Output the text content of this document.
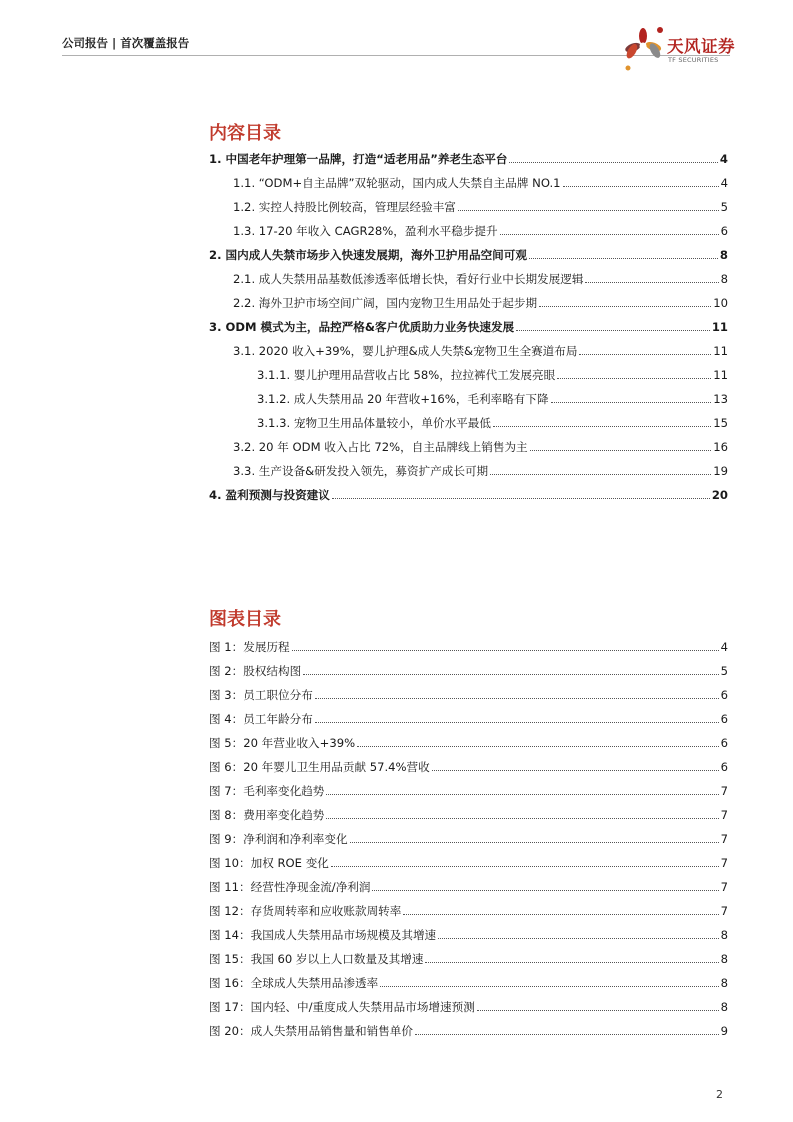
公司报告 | 首次覆盖报告	天风证券
TF SECURITIES
内容目录
1. 中国老年护理第一品牌，打造“适老用品”养老生态平台	4
1.1. “ODM+自主品牌”双轮驱动，国内成人失禁自主品牌 NO.1	4
1.2. 实控人持股比例较高，管理层经验丰富	5
1.3. 17-20 年收入 CAGR28%，盈利水平稳步提升	6
2. 国内成人失禁市场步入快速发展期，海外卫护用品空间可观	8
2.1. 成人失禁用品基数低渗透率低增长快，看好行业中长期发展逻辑	8
2.2. 海外卫护市场空间广阔，国内宠物卫生用品处于起步期	10
3. ODM 模式为主，品控严格&客户优质助力业务快速发展	11
3.1. 2020 收入+39%，婴儿护理&成人失禁&宠物卫生全赛道布局	11
3.1.1. 婴儿护理用品营收占比 58%，拉拉裤代工发展亮眼	11
3.1.2. 成人失禁用品 20 年营收+16%，毛利率略有下降	13
3.1.3. 宠物卫生用品体量较小，单价水平最低	15
3.2. 20 年 ODM 收入占比 72%，自主品牌线上销售为主	16
3.3. 生产设备&研发投入领先，募资扩产成长可期	19
4. 盈利预测与投资建议	20
图表目录
图 1：发展历程	4
图 2：股权结构图	5
图 3：员工职位分布	6
图 4：员工年龄分布	6
图 5：20 年营业收入+39%	6
图 6：20 年婴儿卫生用品贡献 57.4%营收	6
图 7：毛利率变化趋势	7
图 8：费用率变化趋势	7
图 9：净利润和净利率变化	7
图 10：加权 ROE 变化	7
图 11：经营性净现金流/净利润	7
图 12：存货周转率和应收账款周转率	7
图 14：我国成人失禁用品市场规模及其增速	8
图 15：我国 60 岁以上人口数量及其增速	8
图 16：全球成人失禁用品渗透率	8
图 17：国内轻、中/重度成人失禁用品市场增速预测	8
图 20：成人失禁用品销售量和销售单价	9
2
